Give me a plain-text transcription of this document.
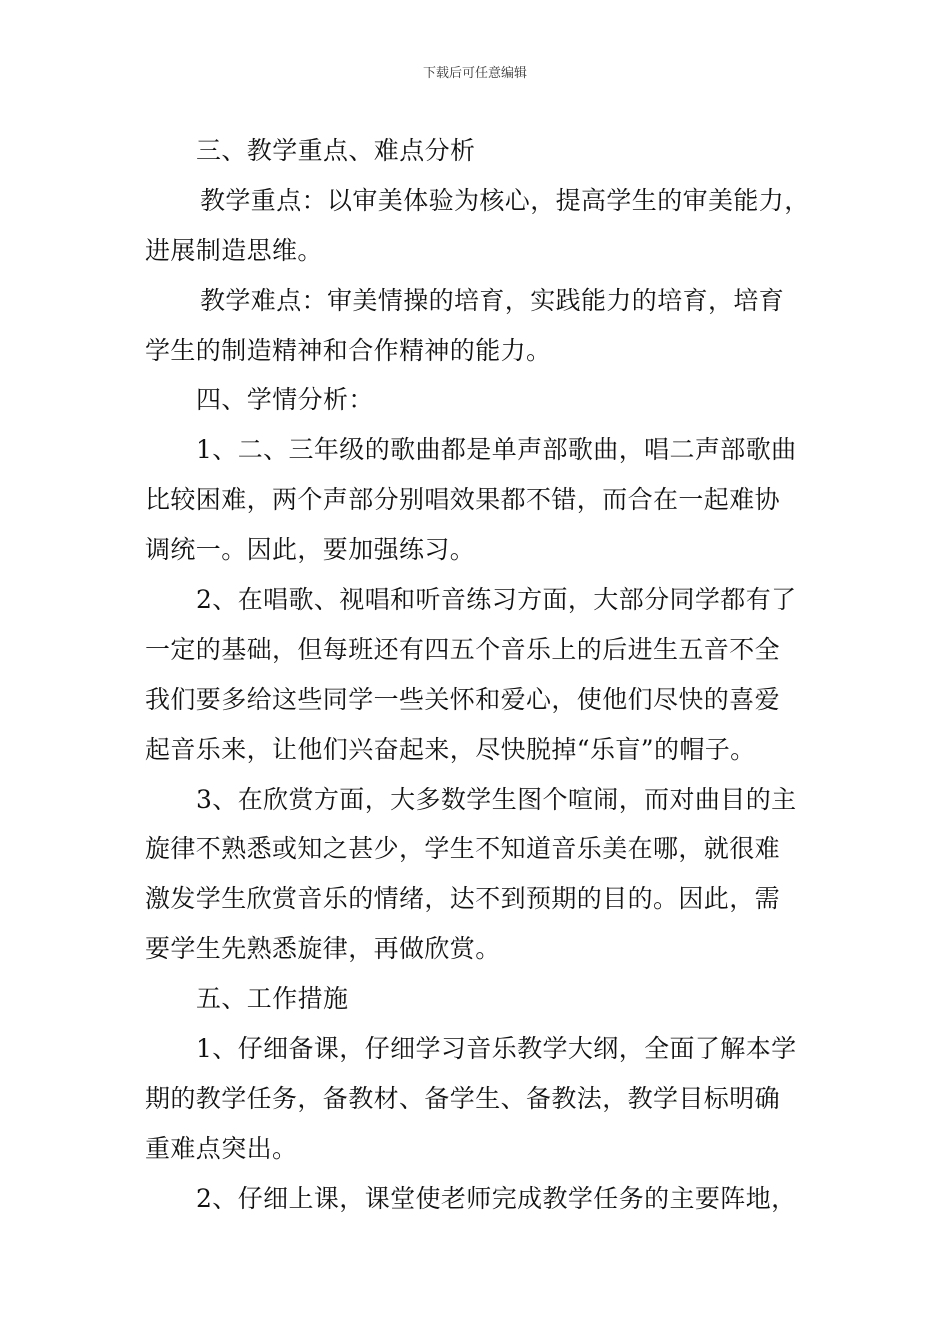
下载后可任意编辑
三、教学重点、难点分析
教学重点：以审美体验为核心，提高学生的审美能力，
进展制造思维。
教学难点：审美情操的培育，实践能力的培育，培育
学生的制造精神和合作精神的能力。
四、学情分析：
1、二、三年级的歌曲都是单声部歌曲，唱二声部歌曲
比较困难，两个声部分别唱效果都不错，而合在一起难协
调统一。因此，要加强练习。
2、在唱歌、视唱和听音练习方面，大部分同学都有了
一定的基础，但每班还有四五个音乐上的后进生五音不全
我们要多给这些同学一些关怀和爱心，使他们尽快的喜爱
起音乐来，让他们兴奋起来，尽快脱掉“乐盲”的帽子。
3、在欣赏方面，大多数学生图个喧闹，而对曲目的主
旋律不熟悉或知之甚少，学生不知道音乐美在哪，就很难
激发学生欣赏音乐的情绪，达不到预期的目的。因此，需
要学生先熟悉旋律，再做欣赏。
五、工作措施
1、仔细备课，仔细学习音乐教学大纲，全面了解本学
期的教学任务，备教材、备学生、备教法，教学目标明确
重难点突出。
2、仔细上课，课堂使老师完成教学任务的主要阵地，
